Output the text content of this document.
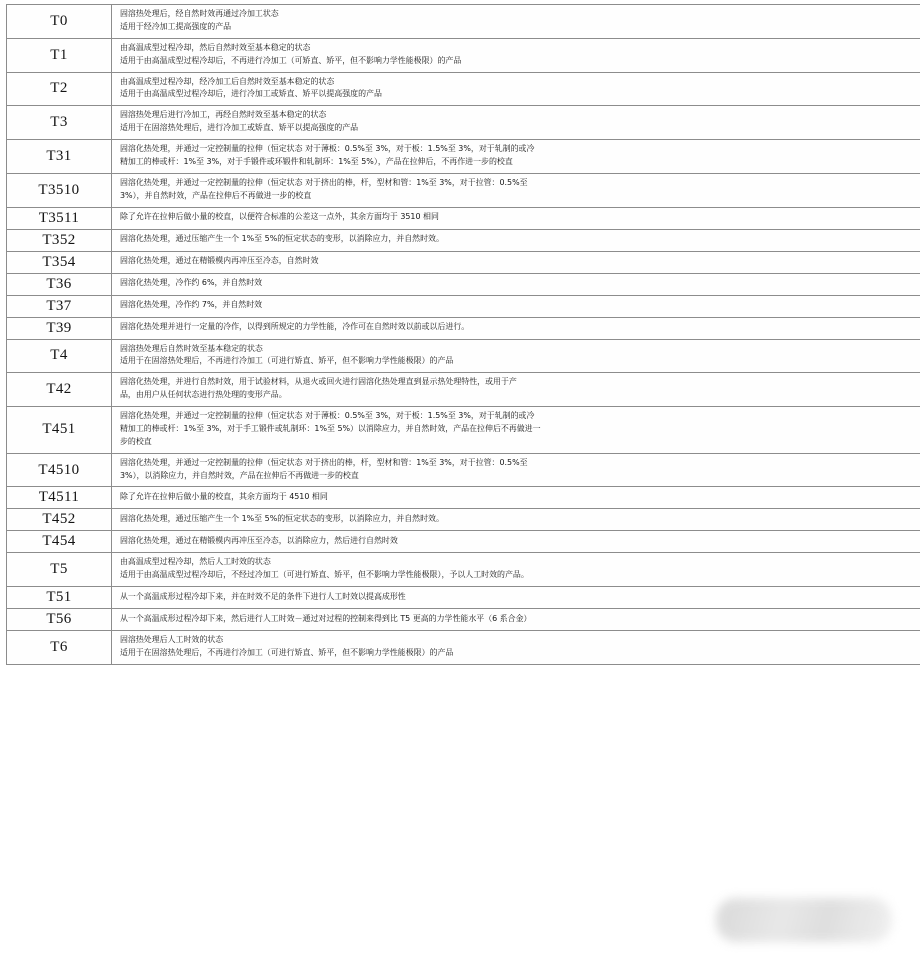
T0	固溶热处理后，经自然时效再通过冷加工状态
适用于经冷加工提高强度的产品

T1	由高温成型过程冷却，然后自然时效至基本稳定的状态
适用于由高温成型过程冷却后，不再进行冷加工（可矫直、矫平，但不影响力学性能极限）的产品

T2	由高温成型过程冷却，经冷加工后自然时效至基本稳定的状态
适用于由高温成型过程冷却后，进行冷加工或矫直、矫平以提高强度的产品

T3	固溶热处理后进行冷加工，再经自然时效至基本稳定的状态
适用于在固溶热处理后，进行冷加工或矫直、矫平以提高强度的产品

T31	固溶化热处理，并通过一定控制量的拉伸（恒定状态 对于薄板：0.5%至 3%，对于板：1.5%至 3%，对于轧制的或冷
精加工的棒或杆：1%至 3%，对于手锻件或环锻件和轧制环：1%至 5%），产品在拉伸后，不再作进一步的校直

T3510	固溶化热处理，并通过一定控制量的拉伸（恒定状态 对于挤出的棒，杆，型材和管：1%至 3%，对于拉管：0.5%至
3%），并自然时效，产品在拉伸后不再做进一步的校直

T3511	除了允许在拉伸后做小量的校直，以便符合标准的公差这一点外，其余方面均于 3510 相同

T352	固溶化热处理，通过压缩产生一个 1%至 5%的恒定状态的变形，以消除应力，并自然时效。

T354	固溶化热处理，通过在精锻模内再冲压至冷态，自然时效

T36	固溶化热处理，冷作约 6%，并自然时效

T37	固溶化热处理，冷作约 7%，并自然时效

T39	固溶化热处理并进行一定量的冷作，以得到所规定的力学性能，冷作可在自然时效以前或以后进行。

T4	固溶热处理后自然时效至基本稳定的状态
适用于在固溶热处理后，不再进行冷加工（可进行矫直、矫平，但不影响力学性能极限）的产品

T42	固溶化热处理，并进行自然时效，用于试验材料，从退火或回火进行固溶化热处理直到显示热处理特性，或用于产
品，由用户从任何状态进行热处理的变形产品。

T451	固溶化热处理，并通过一定控制量的拉伸（恒定状态 对于薄板：0.5%至 3%，对于板：1.5%至 3%，对于轧制的或冷
精加工的棒或杆：1%至 3%，对于手工锻件或轧制环：1%至 5%）以消除应力，并自然时效，产品在拉伸后不再做进一
步的校直

T4510	固溶化热处理，并通过一定控制量的拉伸（恒定状态 对于挤出的棒，杆，型材和管：1%至 3%，对于拉管：0.5%至
3%），以消除应力，并自然时效，产品在拉伸后不再做进一步的校直

T4511	除了允许在拉伸后做小量的校直，其余方面均于 4510 相同

T452	固溶化热处理，通过压缩产生一个 1%至 5%的恒定状态的变形，以消除应力，并自然时效。

T454	固溶化热处理，通过在精锻模内再冲压至冷态，以消除应力，然后进行自然时效

T5	由高温成型过程冷却，然后人工时效的状态
适用于由高温成型过程冷却后，不经过冷加工（可进行矫直、矫平，但不影响力学性能极限），予以人工时效的产品。

T51	从一个高温成形过程冷却下来，并在时效不足的条件下进行人工时效以提高成形性

T56	从一个高温成形过程冷却下来，然后进行人工时效－通过对过程的控制来得到比 T5 更高的力学性能水平（6 系合金）

T6	固溶热处理后人工时效的状态
适用于在固溶热处理后，不再进行冷加工（可进行矫直、矫平，但不影响力学性能极限）的产品
